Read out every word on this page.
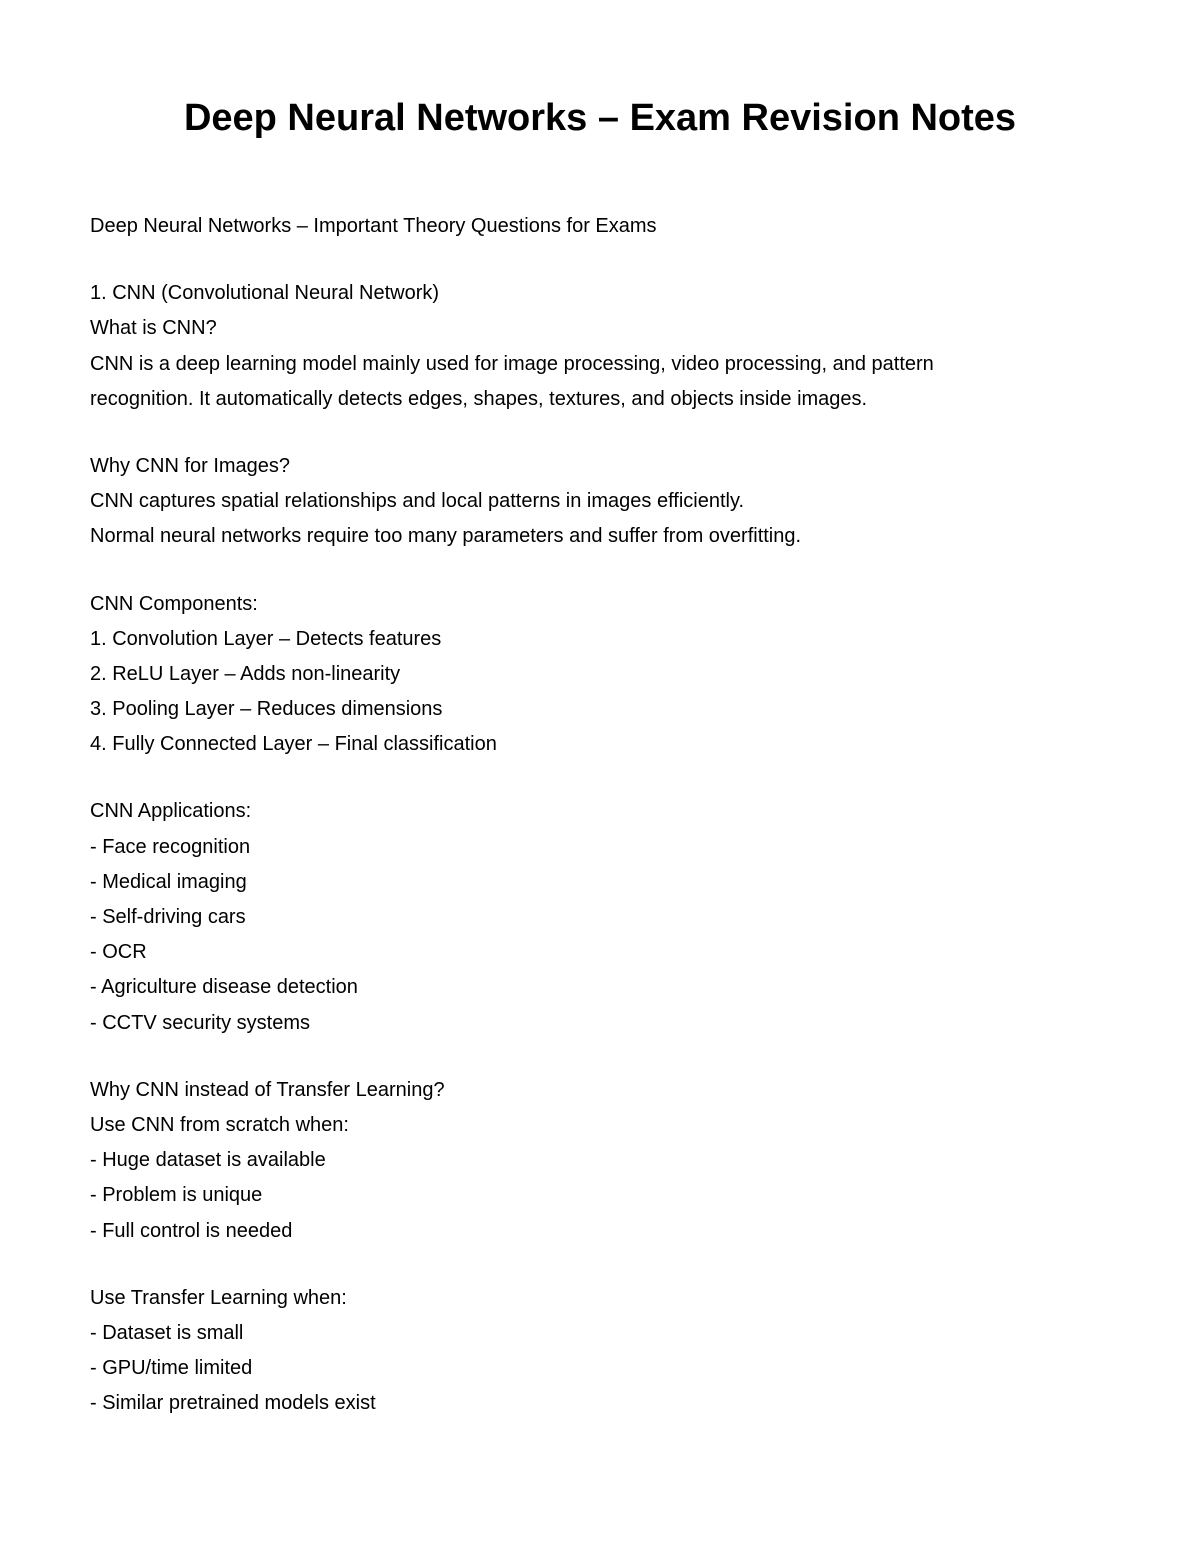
Deep Neural Networks – Exam Revision Notes
Deep Neural Networks – Important Theory Questions for Exams
1. CNN (Convolutional Neural Network)
What is CNN?
CNN is a deep learning model mainly used for image processing, video processing, and pattern
recognition. It automatically detects edges, shapes, textures, and objects inside images.
Why CNN for Images?
CNN captures spatial relationships and local patterns in images efficiently.
Normal neural networks require too many parameters and suffer from overfitting.
CNN Components:
1. Convolution Layer – Detects features
2. ReLU Layer – Adds non-linearity
3. Pooling Layer – Reduces dimensions
4. Fully Connected Layer – Final classification
CNN Applications:
- Face recognition
- Medical imaging
- Self-driving cars
- OCR
- Agriculture disease detection
- CCTV security systems
Why CNN instead of Transfer Learning?
Use CNN from scratch when:
- Huge dataset is available
- Problem is unique
- Full control is needed
Use Transfer Learning when:
- Dataset is small
- GPU/time limited
- Similar pretrained models exist
